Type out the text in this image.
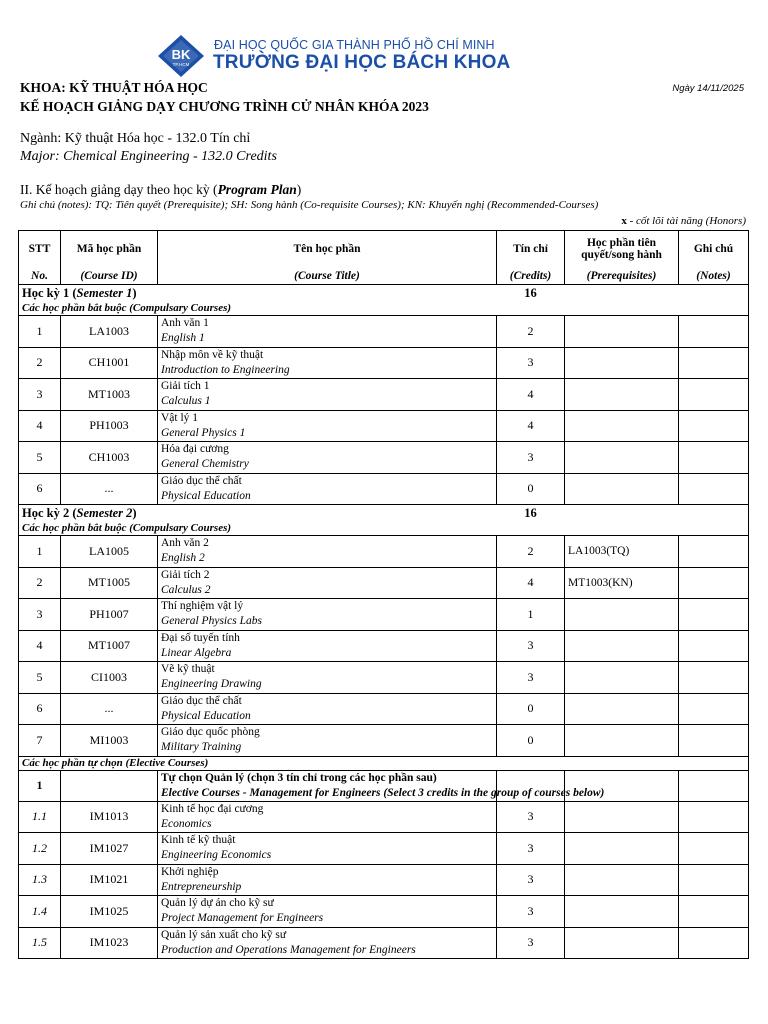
BK
TP.HCM
ĐẠI HỌC QUỐC GIA THÀNH PHỐ HỒ CHÍ MINH
TRƯỜNG ĐẠI HỌC BÁCH KHOA
Ngày 14/11/2025
KHOA: KỸ THUẬT HÓA HỌC
KẾ HOẠCH GIẢNG DẠY CHƯƠNG TRÌNH CỬ NHÂN KHÓA 2023
Ngành: Kỹ thuật Hóa học - 132.0 Tín chỉ
Major: Chemical Engineering - 132.0 Credits
II. Kế hoạch giảng dạy theo học kỳ (Program Plan)
Ghi chú (notes): TQ: Tiên quyết (Prerequisite); SH: Song hành (Co-requisite Courses); KN: Khuyến nghị (Recommended-Courses)
x - cốt lõi tài năng (Honors)
STT	Mã học phần	Tên học phần	Tín chỉ	Học phần tiên quyết/song hành	Ghi chú
No.	(Course ID)	(Course Title)	(Credits)	(Prerequisites)	(Notes)
Học kỳ 1 (Semester 1)			16		
Các học phần bắt buộc (Compulsary Courses)					
1	LA1003	Anh văn 1
English 1	2		
2	CH1001	Nhập môn về kỹ thuật
Introduction to Engineering	3		
3	MT1003	Giải tích 1
Calculus 1	4		
4	PH1003	Vật lý 1
General Physics 1	4		
5	CH1003	Hóa đại cương
General Chemistry	3		
6	...	Giáo dục thể chất
Physical Education	0		
Học kỳ 2 (Semester 2)			16		
Các học phần bắt buộc (Compulsary Courses)					
1	LA1005	Anh văn 2
English 2	2	LA1003(TQ)	
2	MT1005	Giải tích 2
Calculus 2	4	MT1003(KN)	
3	PH1007	Thí nghiệm vật lý
General Physics Labs	1		
4	MT1007	Đại số tuyến tính
Linear Algebra	3		
5	CI1003	Vẽ kỹ thuật
Engineering Drawing	3		
6	...	Giáo dục thể chất
Physical Education	0		
7	MI1003	Giáo dục quốc phòng
Military Training	0		
Các học phần tự chọn (Elective Courses)					
1		Tự chọn Quản lý (chọn 3 tín chỉ trong các học phần sau)
Elective Courses - Management for Engineers (Select 3 credits in the group of courses below)			

1.1	IM1013	Kinh tế học đại cương
Economics	3		
1.2	IM1027	Kinh tế kỹ thuật
Engineering Economics	3		
1.3	IM1021	Khởi nghiệp
Entrepreneurship	3		
1.4	IM1025	Quản lý dự án cho kỹ sư
Project Management for Engineers	3		
1.5	IM1023	Quản lý sản xuất cho kỹ sư
Production and Operations Management for Engineers	3		
